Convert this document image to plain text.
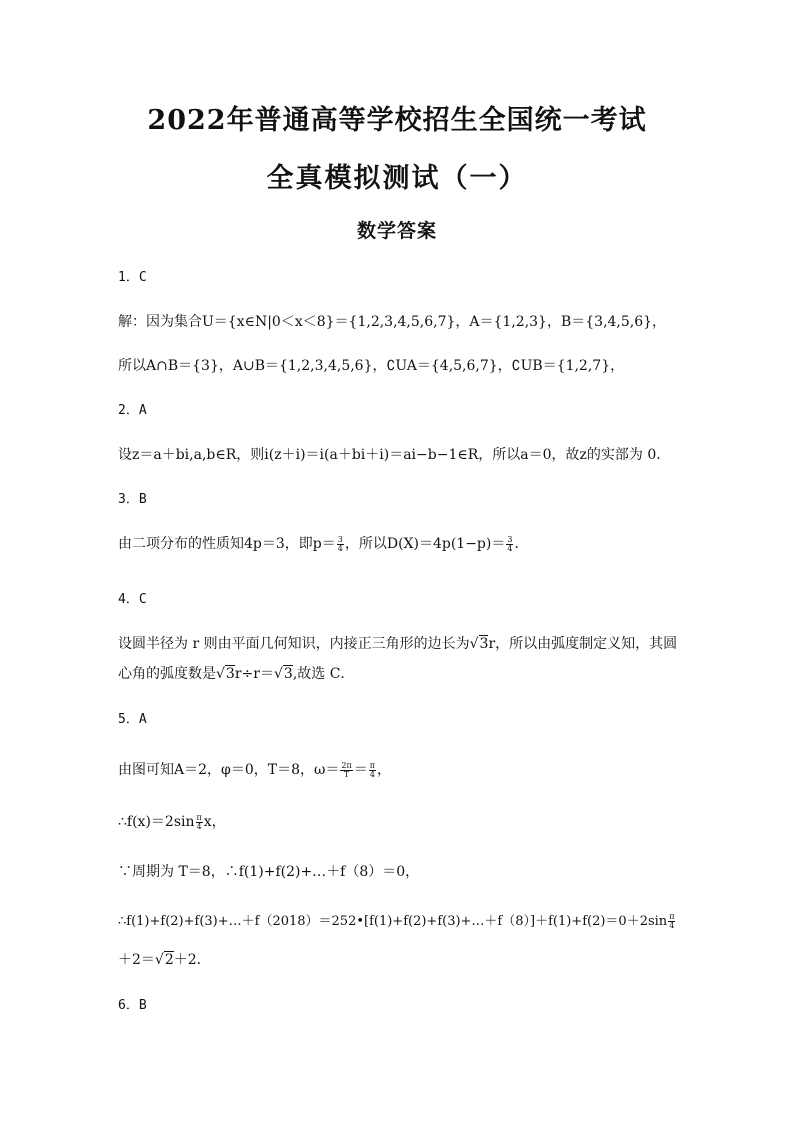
2022年普通高等学校招生全国统一考试
全真模拟测试（一）
数学答案
1．C
解：因为集合U＝{x∈N|0＜x＜8}＝{1,2,3,4,5,6,7}，A＝{1,2,3}，B＝{3,4,5,6}，
所以A∩B＝{3}，A∪B＝{1,2,3,4,5,6}，∁UA＝{4,5,6,7}，∁UB＝{1,2,7}，
2．A
设z＝a＋bi,a,b∈R，则i(z＋i)＝i(a＋bi＋i)＝ai−b−1∈R，所以a＝0，故z的实部为 0.
3．B
由二项分布的性质知4p＝3，即$p= \frac{3}{4}$ ，所以$D(X)=4p(1-p)= \frac{3}{4}$ .
4．C
设圆半径为 r 则由平面几何知识，内接正三角形的边长为√3r，所以由弧度制定义知，其圆
心角的弧度数是√3r÷r＝√3,故选 C．
5．A
由图可知A＝2，φ＝0，T＝8，$\omega= \frac{2\pi}{T} = \frac{\pi}{4}$ ，
∴f(x)＝2sin $\frac{\pi}{4}$ x，
∵周期为 T＝8，∴f(1)+f(2)+…＋f（8）＝0，
∴f(1)+f(2)+f(3)+…＋f（2018）＝252•[f(1)+f(2)+f(3)+…＋f（8）]＋f(1)+f(2)＝0＋2sin $\frac{\pi}{4}$
＋2＝√2＋2．
6．B
